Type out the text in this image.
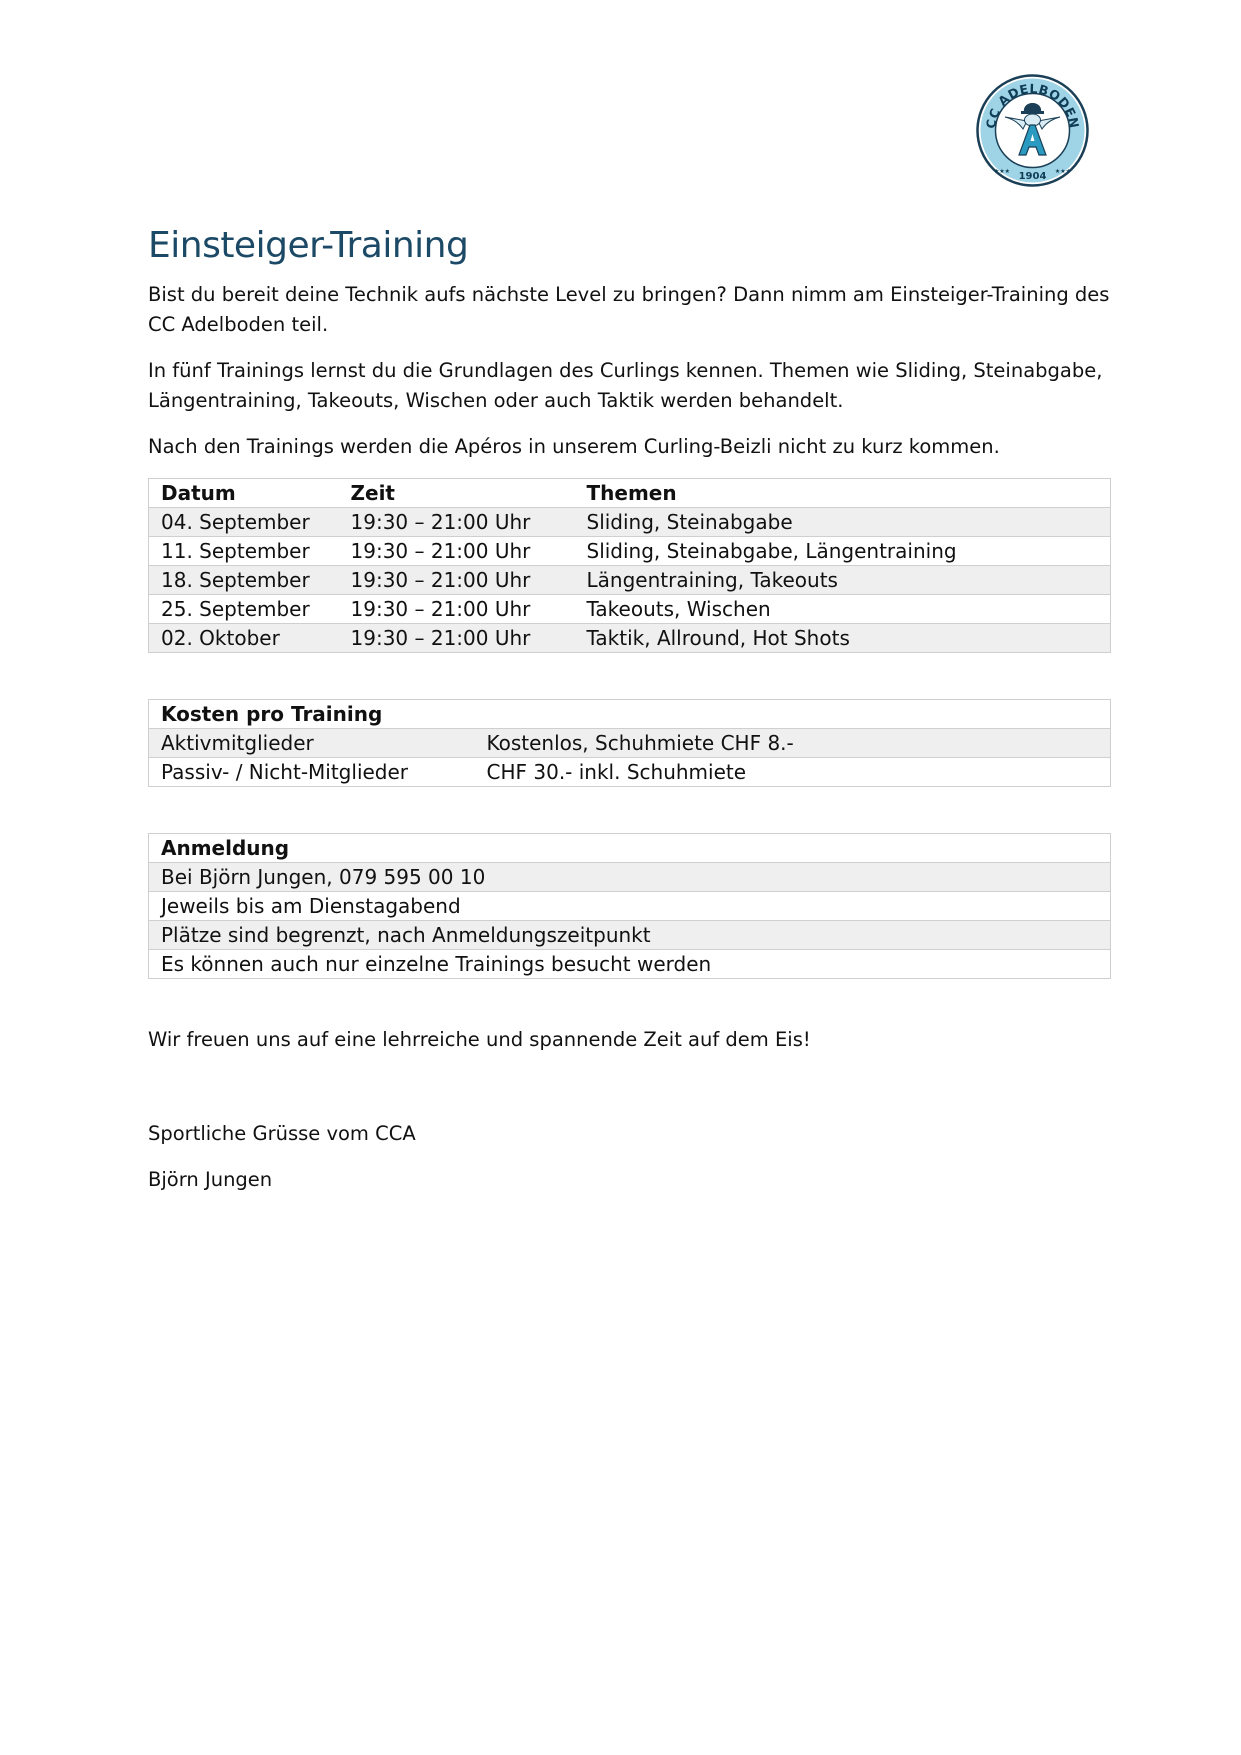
CC ADELBODEN
1904
★★★	★★★
Einsteiger-Training

Bist du bereit deine Technik aufs nächste Level zu bringen? Dann nimm am Einsteiger-Training des CC Adelboden teil.

In fünf Trainings lernst du die Grundlagen des Curlings kennen. Themen wie Sliding, Steinabgabe, Längentraining, Takeouts, Wischen oder auch Taktik werden behandelt.

Nach den Trainings werden die Apéros in unserem Curling-Beizli nicht zu kurz kommen.

Datum	Zeit	Themen
04. September	19:30 – 21:00 Uhr	Sliding, Steinabgabe
11. September	19:30 – 21:00 Uhr	Sliding, Steinabgabe, Längentraining
18. September	19:30 – 21:00 Uhr	Längentraining, Takeouts
25. September	19:30 – 21:00 Uhr	Takeouts, Wischen
02. Oktober	19:30 – 21:00 Uhr	Taktik, Allround, Hot Shots
Kosten pro Training	
Aktivmitglieder	Kostenlos, Schuhmiete CHF 8.-
Passiv- / Nicht-Mitglieder	CHF 30.- inkl. Schuhmiete
Anmeldung
Bei Björn Jungen, 079 595 00 10
Jeweils bis am Dienstagabend
Plätze sind begrenzt, nach Anmeldungszeitpunkt
Es können auch nur einzelne Trainings besucht werden

Wir freuen uns auf eine lehrreiche und spannende Zeit auf dem Eis!

Sportliche Grüsse vom CCA

Björn Jungen
